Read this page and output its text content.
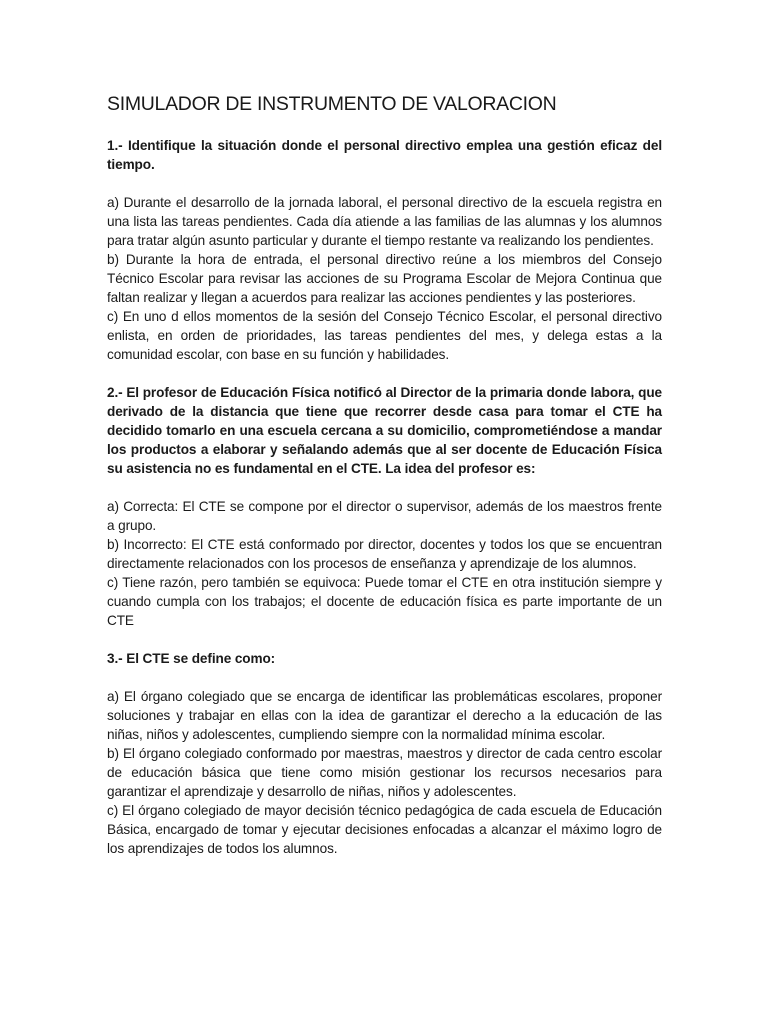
SIMULADOR DE INSTRUMENTO DE VALORACION

1.- Identifique la situación donde el personal directivo emplea una gestión eficaz del tiempo.

a) Durante el desarrollo de la jornada laboral, el personal directivo de la escuela registra en una lista las tareas pendientes. Cada día atiende a las familias de las alumnas y los alumnos para tratar algún asunto particular y durante el tiempo restante va realizando los pendientes.

b) Durante la hora de entrada, el personal directivo reúne a los miembros del Consejo Técnico Escolar para revisar las acciones de su Programa Escolar de Mejora Continua que faltan realizar y llegan a acuerdos para realizar las acciones pendientes y las posteriores.

c) En uno d ellos momentos de la sesión del Consejo Técnico Escolar, el personal directivo enlista, en orden de prioridades, las tareas pendientes del mes, y delega estas a la comunidad escolar, con base en su función y habilidades.

2.- El profesor de Educación Física notificó al Director de la primaria donde labora, que derivado de la distancia que tiene que recorrer desde casa para tomar el CTE ha decidido tomarlo en una escuela cercana a su domicilio, comprometiéndose a mandar los productos a elaborar y señalando además que al ser docente de Educación Física su asistencia no es fundamental en el CTE. La idea del profesor es:

a) Correcta: El CTE se compone por el director o supervisor, además de los maestros frente a grupo.

b) Incorrecto: El CTE está conformado por director, docentes y todos los que se encuentran directamente relacionados con los procesos de enseñanza y aprendizaje de los alumnos.

c) Tiene razón, pero también se equivoca: Puede tomar el CTE en otra institución siempre y cuando cumpla con los trabajos; el docente de educación física es parte importante de un CTE

3.- El CTE se define como:

a) El órgano colegiado que se encarga de identificar las problemáticas escolares, proponer soluciones y trabajar en ellas con la idea de garantizar el derecho a la educación de las niñas, niños y adolescentes, cumpliendo siempre con la normalidad mínima escolar.

b) El órgano colegiado conformado por maestras, maestros y director de cada centro escolar de educación básica que tiene como misión gestionar los recursos necesarios para garantizar el aprendizaje y desarrollo de niñas, niños y adolescentes.

c) El órgano colegiado de mayor decisión técnico pedagógica de cada escuela de Educación Básica, encargado de tomar y ejecutar decisiones enfocadas a alcanzar el máximo logro de los aprendizajes de todos los alumnos.
